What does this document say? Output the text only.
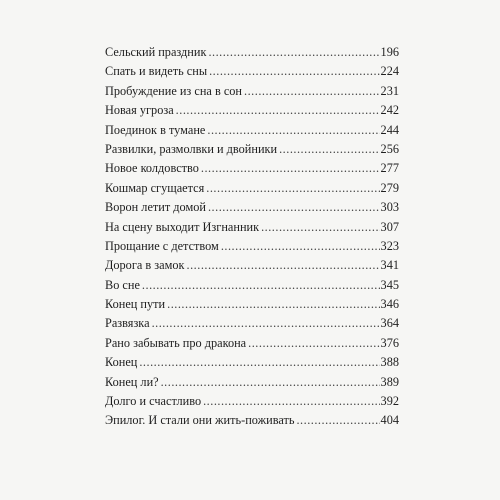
Сельский праздник .....	196
Спать и видеть сны .....	224
Пробуждение из сна в сон .....	231
Новая угроза .....	242
Поединок в тумане .....	244
Развилки, размолвки и двойники .....	256
Новое колдовство .....	277
Кошмар сгущается .....	279
Ворон летит домой .....	303
На сцену выходит Изгнанник .....	307
Прощание с детством .....	323
Дорога в замок .....	341
Во сне .....	345
Конец пути .....	346
Развязка .....	364
Рано забывать про дракона .....	376
Конец .....	388
Конец ли? .....	389
Долго и счастливо .....	392
Эпилог. И стали они жить-поживать .....	404
